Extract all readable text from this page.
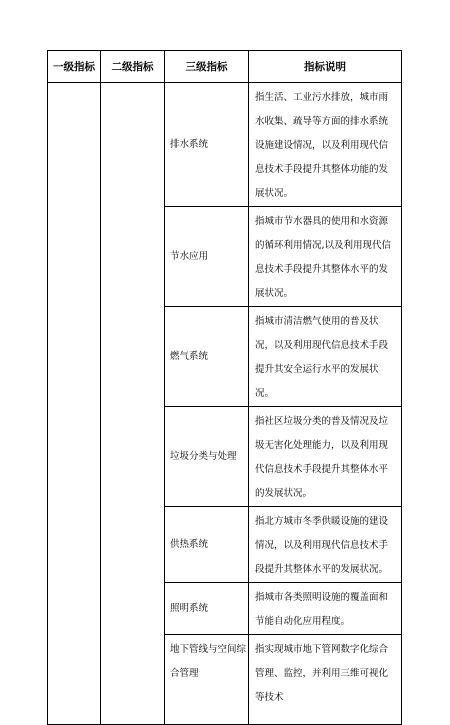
一级指标	二级指标	三级指标	指标说明
		排水系统	指生活、工业污水排放，城市雨水收集、疏导等方面的排水系统设施建设情况，以及利用现代信息技术手段提升其整体功能的发展状况。

		节水应用	指城市节水器具的使用和水资源的循环利用情况,以及利用现代信息技术手段提升其整体水平的发展状况。

		燃气系统	指城市清洁燃气使用的普及状况，以及利用现代信息技术手段提升其安全运行水平的发展状况。

		垃圾分类与处理	指社区垃圾分类的普及情况及垃圾无害化处理能力，以及利用现代信息技术手段提升其整体水平的发展状况。

		供热系统	指北方城市冬季供暖设施的建设情况，以及利用现代信息技术手段提升其整体水平的发展状况。

		照明系统	指城市各类照明设施的覆盖面和节能自动化应用程度。

		地下管线与空间综合管理	指实现城市地下管网数字化综合管理、监控，并利用三维可视化等技术
